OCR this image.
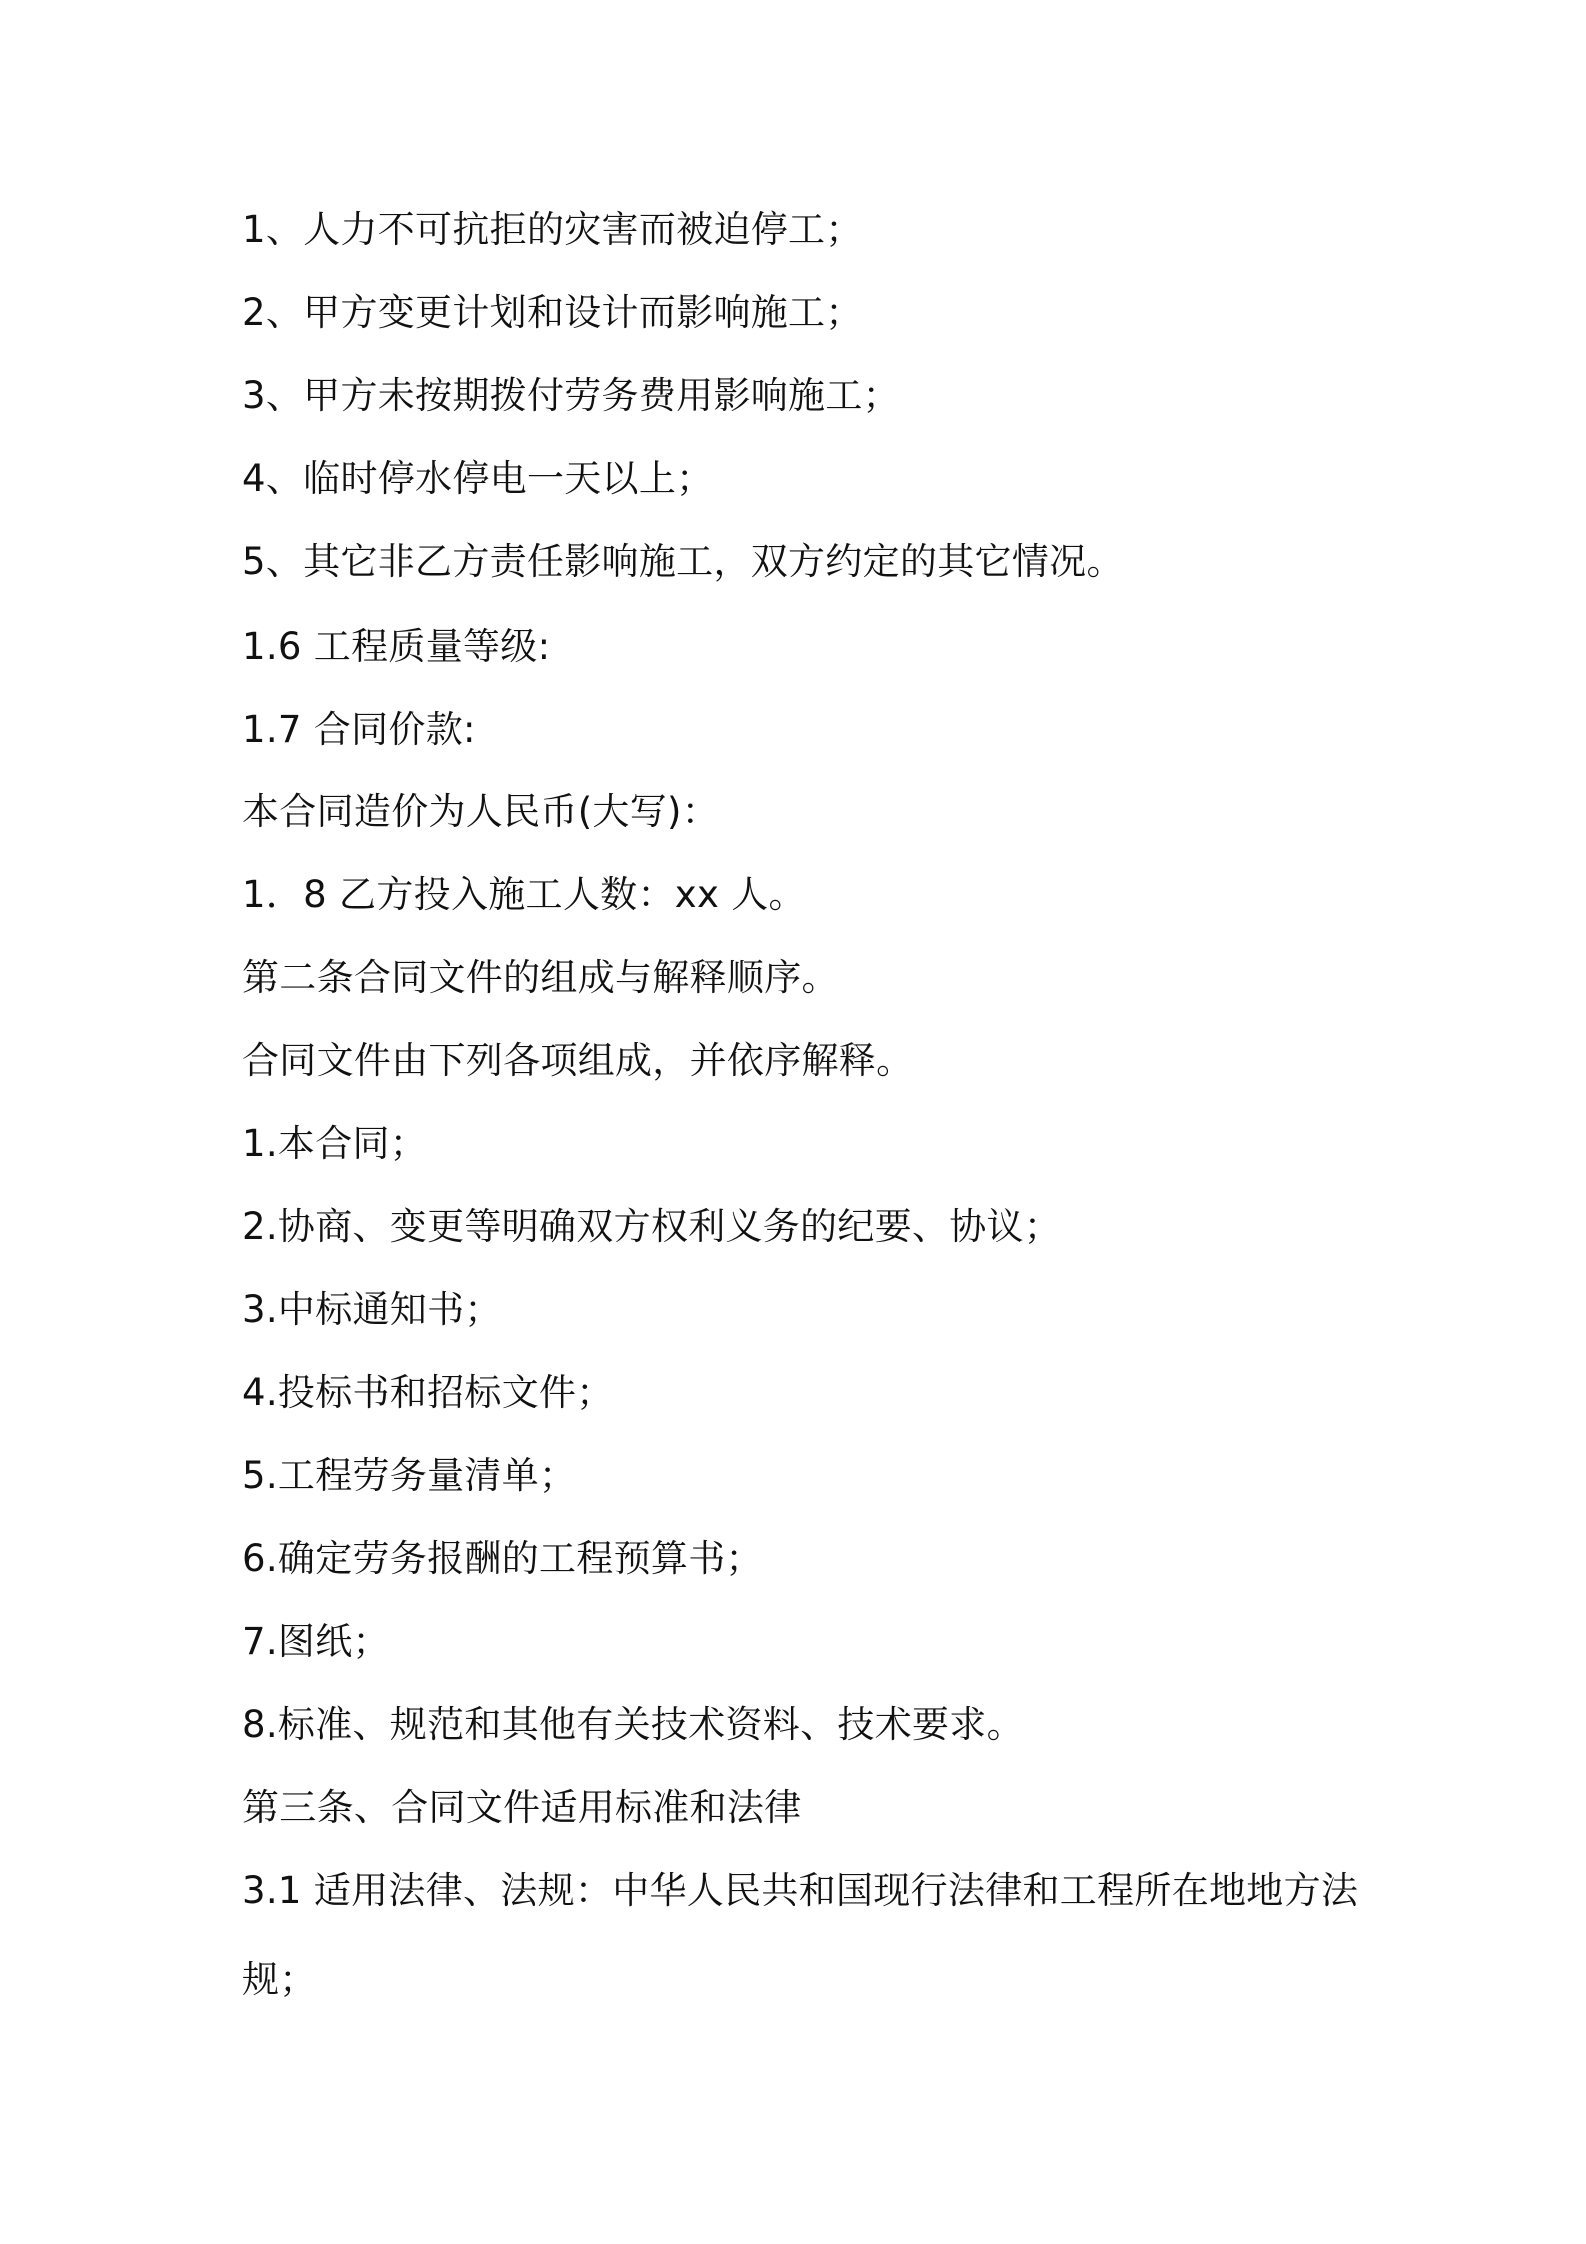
1、人力不可抗拒的灾害而被迫停工；
2、甲方变更计划和设计而影响施工；
3、甲方未按期拨付劳务费用影响施工；
4、临时停水停电一天以上；
5、其它非乙方责任影响施工，双方约定的其它情况。
1.6 工程质量等级:
1.7 合同价款:
本合同造价为人民币(大写)：
1．8 乙方投入施工人数：xx 人。
第二条合同文件的组成与解释顺序。
合同文件由下列各项组成，并依序解释。
1.本合同；
2.协商、变更等明确双方权利义务的纪要、协议；
3.中标通知书；
4.投标书和招标文件；
5.工程劳务量清单；
6.确定劳务报酬的工程预算书；
7.图纸；
8.标准、规范和其他有关技术资料、技术要求。
第三条、合同文件适用标准和法律
3.1 适用法律、法规：中华人民共和国现行法律和工程所在地地方法
规；
